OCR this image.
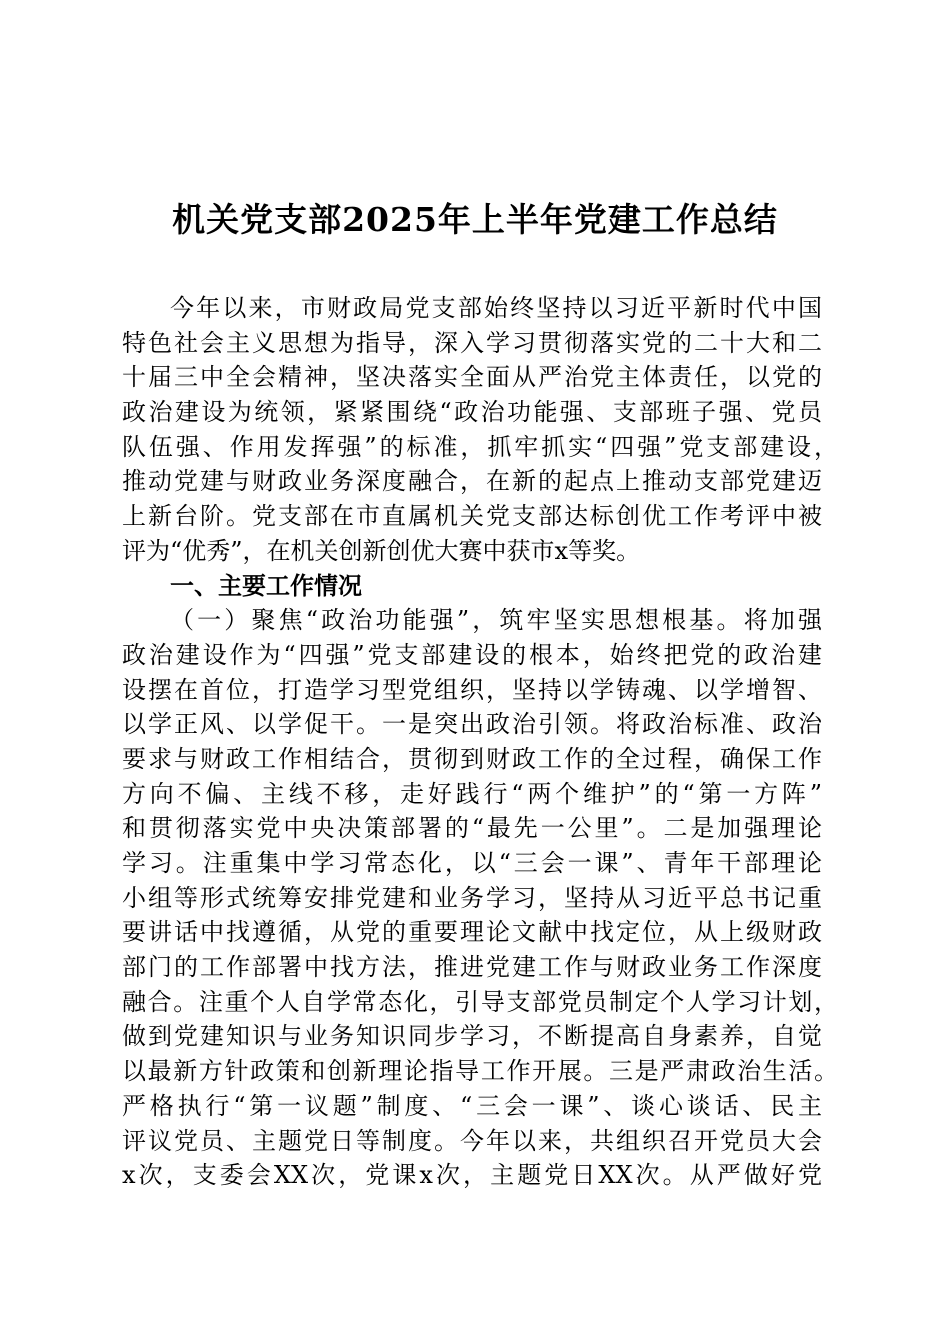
机关党支部2025年上半年党建工作总结
今年以来，市财政局党支部始终坚持以习近平新时代中国
特色社会主义思想为指导，深入学习贯彻落实党的二十大和二
十届三中全会精神，坚决落实全面从严治党主体责任，以党的
政治建设为统领，紧紧围绕“政治功能强、支部班子强、党员
队伍强、作用发挥强”的标准，抓牢抓实“四强”党支部建设，
推动党建与财政业务深度融合，在新的起点上推动支部党建迈
上新台阶。党支部在市直属机关党支部达标创优工作考评中被
评为“优秀”，在机关创新创优大赛中获市x等奖。
一、主要工作情况
（一）聚焦“政治功能强”，筑牢坚实思想根基。将加强
政治建设作为“四强”党支部建设的根本，始终把党的政治建
设摆在首位，打造学习型党组织，坚持以学铸魂、以学增智、
以学正风、以学促干。一是突出政治引领。将政治标准、政治
要求与财政工作相结合，贯彻到财政工作的全过程，确保工作
方向不偏、主线不移，走好践行“两个维护”的“第一方阵”
和贯彻落实党中央决策部署的“最先一公里”。二是加强理论
学习。注重集中学习常态化，以“三会一课”、青年干部理论
小组等形式统筹安排党建和业务学习，坚持从习近平总书记重
要讲话中找遵循，从党的重要理论文献中找定位，从上级财政
部门的工作部署中找方法，推进党建工作与财政业务工作深度
融合。注重个人自学常态化，引导支部党员制定个人学习计划，
做到党建知识与业务知识同步学习，不断提高自身素养，自觉
以最新方针政策和创新理论指导工作开展。三是严肃政治生活。
严格执行“第一议题”制度、“三会一课”、谈心谈话、民主
评议党员、主题党日等制度。今年以来，共组织召开党员大会
x次，支委会XX次，党课x次，主题党日XX次。从严做好党
